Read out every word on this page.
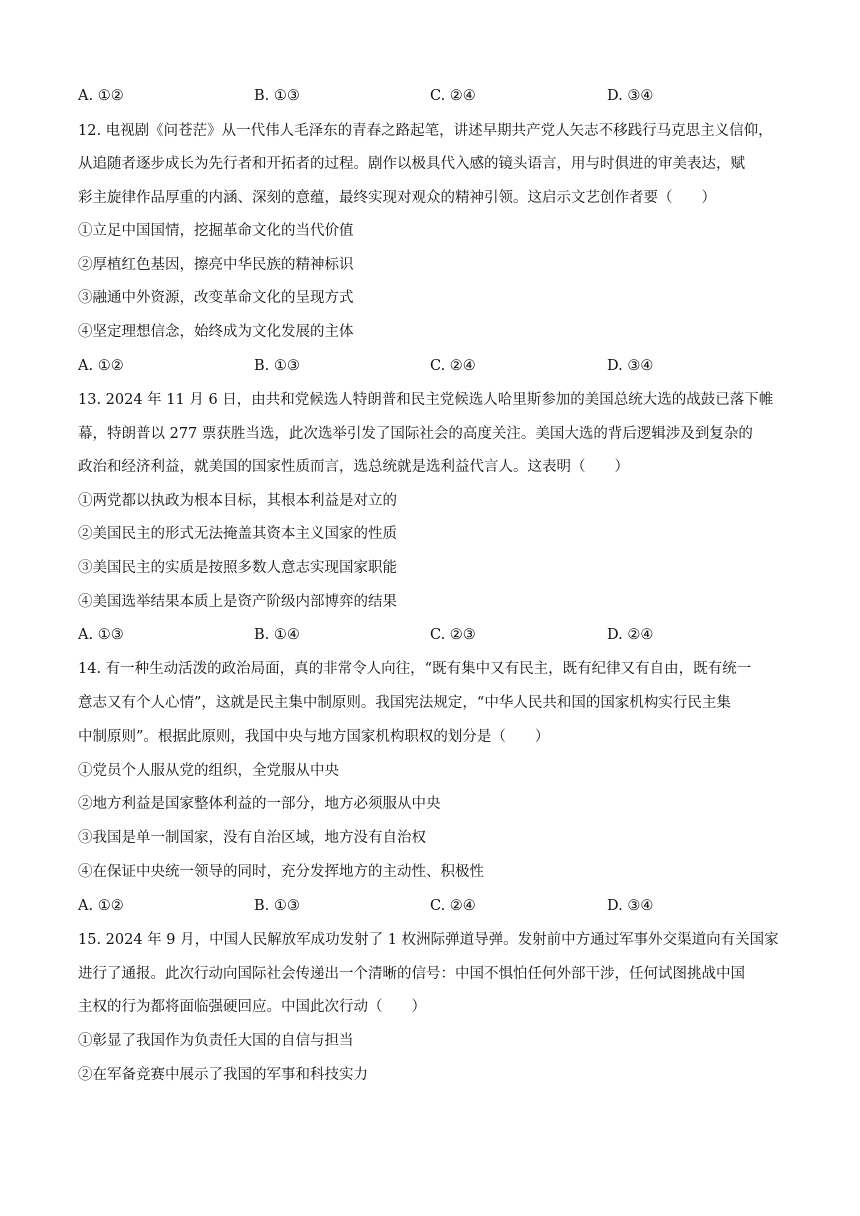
A. ①②	B. ①③	C. ②④	D. ③④
12. 电视剧《问苍茫》从一代伟人毛泽东的青春之路起笔，讲述早期共产党人矢志不移践行马克思主义信仰，
从追随者逐步成长为先行者和开拓者的过程。剧作以极具代入感的镜头语言，用与时俱进的审美表达，赋
彩主旋律作品厚重的内涵、深刻的意蕴，最终实现对观众的精神引领。这启示文艺创作者要（　　）
①立足中国国情，挖掘革命文化的当代价值
②厚植红色基因，擦亮中华民族的精神标识
③融通中外资源，改变革命文化的呈现方式
④坚定理想信念，始终成为文化发展的主体
A. ①②	B. ①③	C. ②④	D. ③④
13. 2024 年 11 月 6 日，由共和党候选人特朗普和民主党候选人哈里斯参加的美国总统大选的战鼓已落下帷
幕，特朗普以 277 票获胜当选，此次选举引发了国际社会的高度关注。美国大选的背后逻辑涉及到复杂的
政治和经济利益，就美国的国家性质而言，选总统就是选利益代言人。这表明（　　）
①两党都以执政为根本目标，其根本利益是对立的
②美国民主的形式无法掩盖其资本主义国家的性质
③美国民主的实质是按照多数人意志实现国家职能
④美国选举结果本质上是资产阶级内部博弈的结果
A. ①③	B. ①④	C. ②③	D. ②④
14. 有一种生动活泼的政治局面，真的非常令人向往，“既有集中又有民主，既有纪律又有自由，既有统一
意志又有个人心情”，这就是民主集中制原则。我国宪法规定，“中华人民共和国的国家机构实行民主集
中制原则”。根据此原则，我国中央与地方国家机构职权的划分是（　　）
①党员个人服从党的组织，全党服从中央
②地方利益是国家整体利益的一部分，地方必须服从中央
③我国是单一制国家，没有自治区域，地方没有自治权
④在保证中央统一领导的同时，充分发挥地方的主动性、积极性
A. ①②	B. ①③	C. ②④	D. ③④
15. 2024 年 9 月，中国人民解放军成功发射了 1 枚洲际弹道导弹。发射前中方通过军事外交渠道向有关国家
进行了通报。此次行动向国际社会传递出一个清晰的信号：中国不惧怕任何外部干涉，任何试图挑战中国
主权的行为都将面临强硬回应。中国此次行动（　　）
①彰显了我国作为负责任大国的自信与担当
②在军备竞赛中展示了我国的军事和科技实力
